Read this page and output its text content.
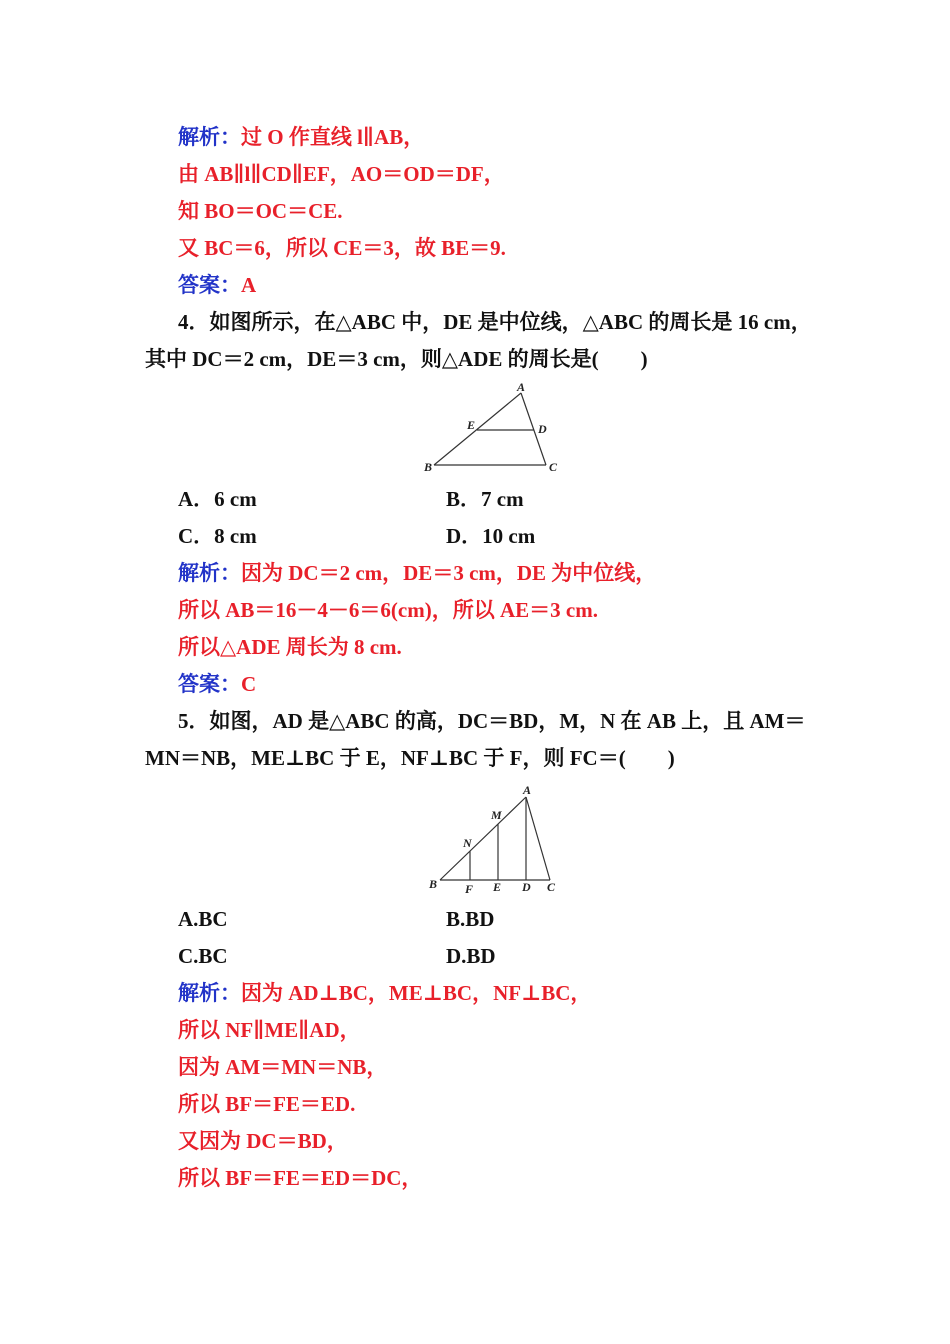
解析：过 O 作直线 l∥AB，
由 AB∥l∥CD∥EF，AO＝OD＝DF，
知 BO＝OC＝CE.
又 BC＝6，所以 CE＝3，故 BE＝9.
答案：A
4．如图所示，在△ABC 中，DE 是中位线，△ABC 的周长是 16 cm，
其中 DC＝2 cm，DE＝3 cm，则△ADE 的周长是(　　)
A
E	D
B	C
A．6 cm	B．7 cm
C．8 cm	D．10 cm
解析：因为 DC＝2 cm，DE＝3 cm，DE 为中位线，
所以 AB＝16－4－6＝6(cm)，所以 AE＝3 cm.
所以△ADE 周长为 8 cm.
答案：C
5．如图，AD 是△ABC 的高，DC＝BD，M，N 在 AB 上，且 AM＝
MN＝NB，ME⊥BC 于 E，NF⊥BC 于 F，则 FC＝(　　)
A
M
N
B F E D C
A.BC	B.BD
C.BC	D.BD
解析：因为 AD⊥BC，ME⊥BC，NF⊥BC，
所以 NF∥ME∥AD，
因为 AM＝MN＝NB，
所以 BF＝FE＝ED.
又因为 DC＝BD，
所以 BF＝FE＝ED＝DC，
